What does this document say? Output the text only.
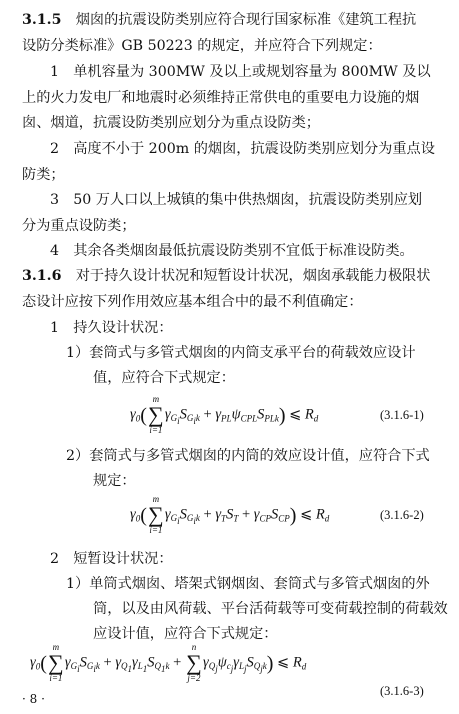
3.1.5　 烟囱的抗震设防类别应符合现行国家标准《建筑工程抗
设防分类标准》GB 50223 的规定，并应符合下列规定：
1　单机容量为 300MW 及以上或规划容量为 800MW 及以
上的火力发电厂和地震时必须维持正常供电的重要电力设施的烟
囱、烟道，抗震设防类别应划分为重点设防类；
2　高度不小于 200m 的烟囱，抗震设防类别应划分为重点设
防类；
3　50 万人口以上城镇的集中供热烟囱，抗震设防类别应划
分为重点设防类；
4　其余各类烟囱最低抗震设防类别不宜低于标准设防类。
3.1.6　 对于持久设计状况和短暂设计状况，烟囱承载能力极限状
态设计应按下列作用效应基本组合中的最不利值确定：
1　持久设计状况：
1）套筒式与多管式烟囱的内筒支承平台的荷载效应设计
值，应符合下式规定：
$\gamma_0$(
m
∑
i=1
$\gamma_{G_i}S_{G_ik} + \gamma_{PL}\psi_{CPL}S_{PLk}$) ⩽ $R_d$	(3.1.6-1)
2）套筒式与多管式烟囱的内筒的效应设计值，应符合下式
规定：
$\gamma_0$(
m
∑
i=1
$\gamma_{G_i}S_{G_ik} + \gamma_TS_T + \gamma_{CP}S_{CP}$) ⩽ $R_d$	(3.1.6-2)
2　短暂设计状况：
1）单筒式烟囱、塔架式钢烟囱、套筒式与多管式烟囱的外
筒，以及由风荷载、平台活荷载等可变荷载控制的荷载效
应设计值，应符合下式规定：
$\gamma_0$(
m
∑
i=1
$\gamma_{G_i}S_{G_ik} + \gamma_{Q_1}\gamma_{L_1}S_{Q_1k}$ +
n
∑
j=2
$\gamma_{Q_j}\psi_{c_j}\gamma_{L_j}S_{Q_jk}$) ⩽ $R_d$
(3.1.6-3)
· 8 ·
